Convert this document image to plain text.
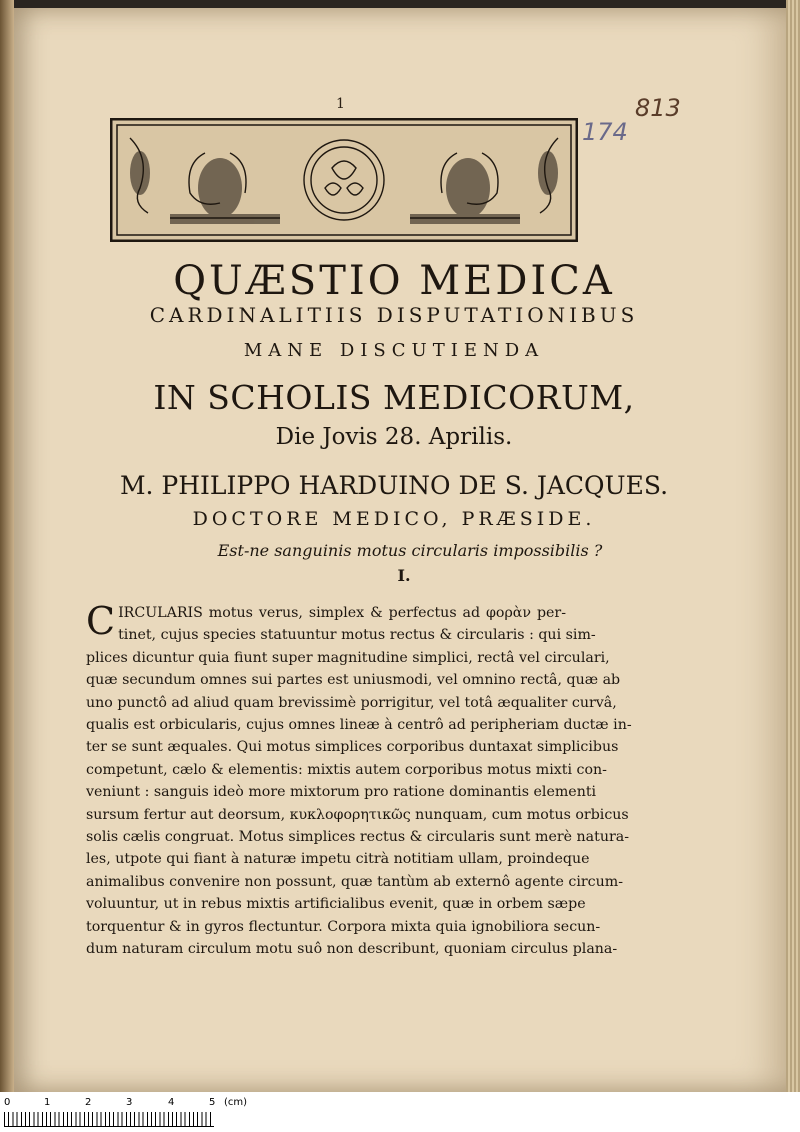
1	813
174
QUÆSTIO MEDICA
CARDINALITIIS DISPUTATIONIBUS
MANE DISCUTIENDA
IN SCHOLIS MEDICORUM,
Die Jovis 28. Aprilis.
M. PHILIPPO HARDUINO DE S. JACQUES.
DOCTORE MEDICO, PRÆSIDE.
Est-ne sanguinis motus circularis impossibilis ?
I.
C IRCULARIS motus verus, simplex & perfectus ad φορὰν per-
tinet, cujus species statuuntur motus rectus & circularis : qui sim-
plices dicuntur quia fiunt super magnitudine simplici, rectâ vel circulari,
quæ secundum omnes sui partes est uniusmodi, vel omnino rectâ, quæ ab
uno punctô ad aliud quam brevissimè porrigitur, vel totâ æqualiter curvâ,
qualis est orbicularis, cujus omnes lineæ à centrô ad peripheriam ductæ in-
ter se sunt æquales. Qui motus simplices corporibus duntaxat simplicibus
competunt, cælo & elementis: mixtis autem corporibus motus mixti con-
veniunt : sanguis ideò more mixtorum pro ratione dominantis elementi
sursum fertur aut deorsum, κυκλοφορητικῶς nunquam, cum motus orbicus
solis cælis congruat. Motus simplices rectus & circularis sunt merè natura-
les, utpote qui fiant à naturæ impetu citrà notitiam ullam, proindeque
animalibus convenire non possunt, quæ tantùm ab externô agente circum-
voluuntur, ut in rebus mixtis artificialibus evenit, quæ in orbem sæpe
torquentur & in gyros flectuntur. Corpora mixta quia ignobiliora secun-
dum naturam circulum motu suô non describunt, quoniam circulus plana-
0	1	2	3	4	5 (cm)
